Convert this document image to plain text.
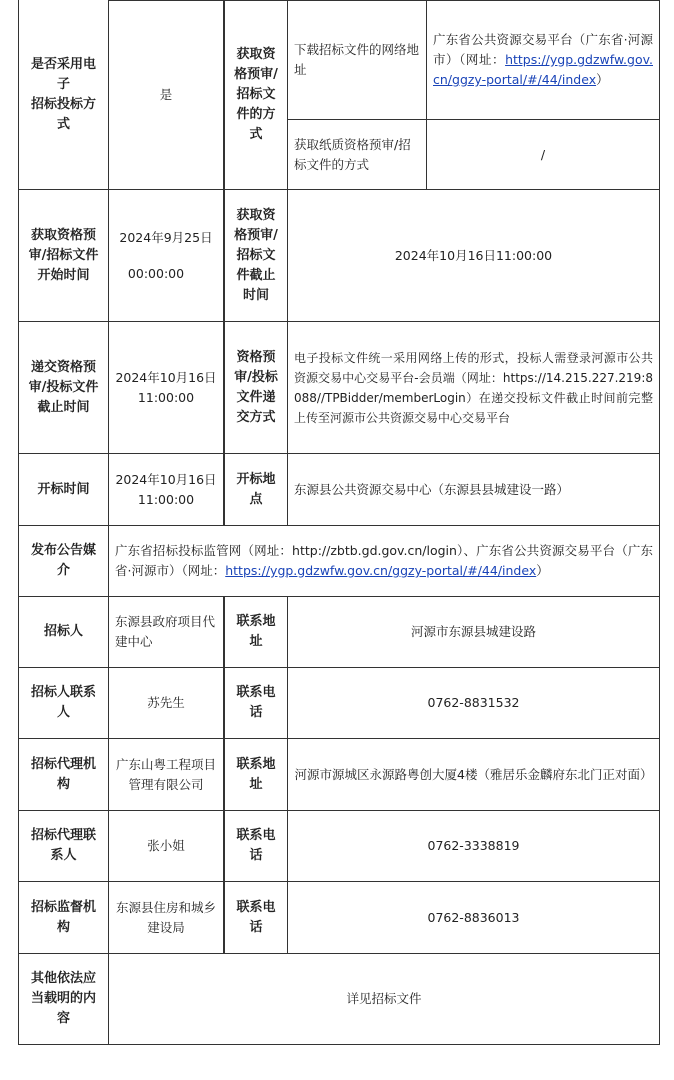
是否采用电子
招标投标方式
是
获取资格预审/招标文件的方式
下载招标文件的网络地址
广东省公共资源交易平台（广东省·河源市）（网址：https://ygp.gdzwfw.gov.cn/ggzy-portal/#/44/index）
获取纸质资格预审/招标文件的方式
/
获取资格预审/招标文件开始时间
2024年9月25日
00:00:00
获取资格预审/招标文件截止时间
2024年10月16日11:00:00
递交资格预审/投标文件截止时间
2024年10月16日
11:00:00
资格预审/投标文件递交方式
电子投标文件统一采用网络上传的形式，投标人需登录河源市公共资源交易中心交易平台-会员端（网址：https://14.215.227.219:8088//TPBidder/memberLogin）在递交投标文件截止时间前完整上传至河源市公共资源交易中心交易平台
开标时间
2024年10月16日
11:00:00
开标地点
东源县公共资源交易中心（东源县县城建设一路）
发布公告媒介
广东省招标投标监管网（网址：http://zbtb.gd.gov.cn/login）、广东省公共资源交易平台（广东省·河源市）（网址：https://ygp.gdzwfw.gov.cn/ggzy-portal/#/44/index）
招标人
东源县政府项目代建中心
联系地址
河源市东源县城建设路
招标人联系人
苏先生
联系电话
0762-8831532
招标代理机构
广东山粤工程项目管理有限公司
联系地址
河源市源城区永源路粤创大厦4楼（雅居乐金麟府东北门正对面）
招标代理联系人
张小姐
联系电话
0762-3338819
招标监督机构
东源县住房和城乡建设局
联系电话
0762-8836013
其他依法应当载明的内容
详见招标文件
